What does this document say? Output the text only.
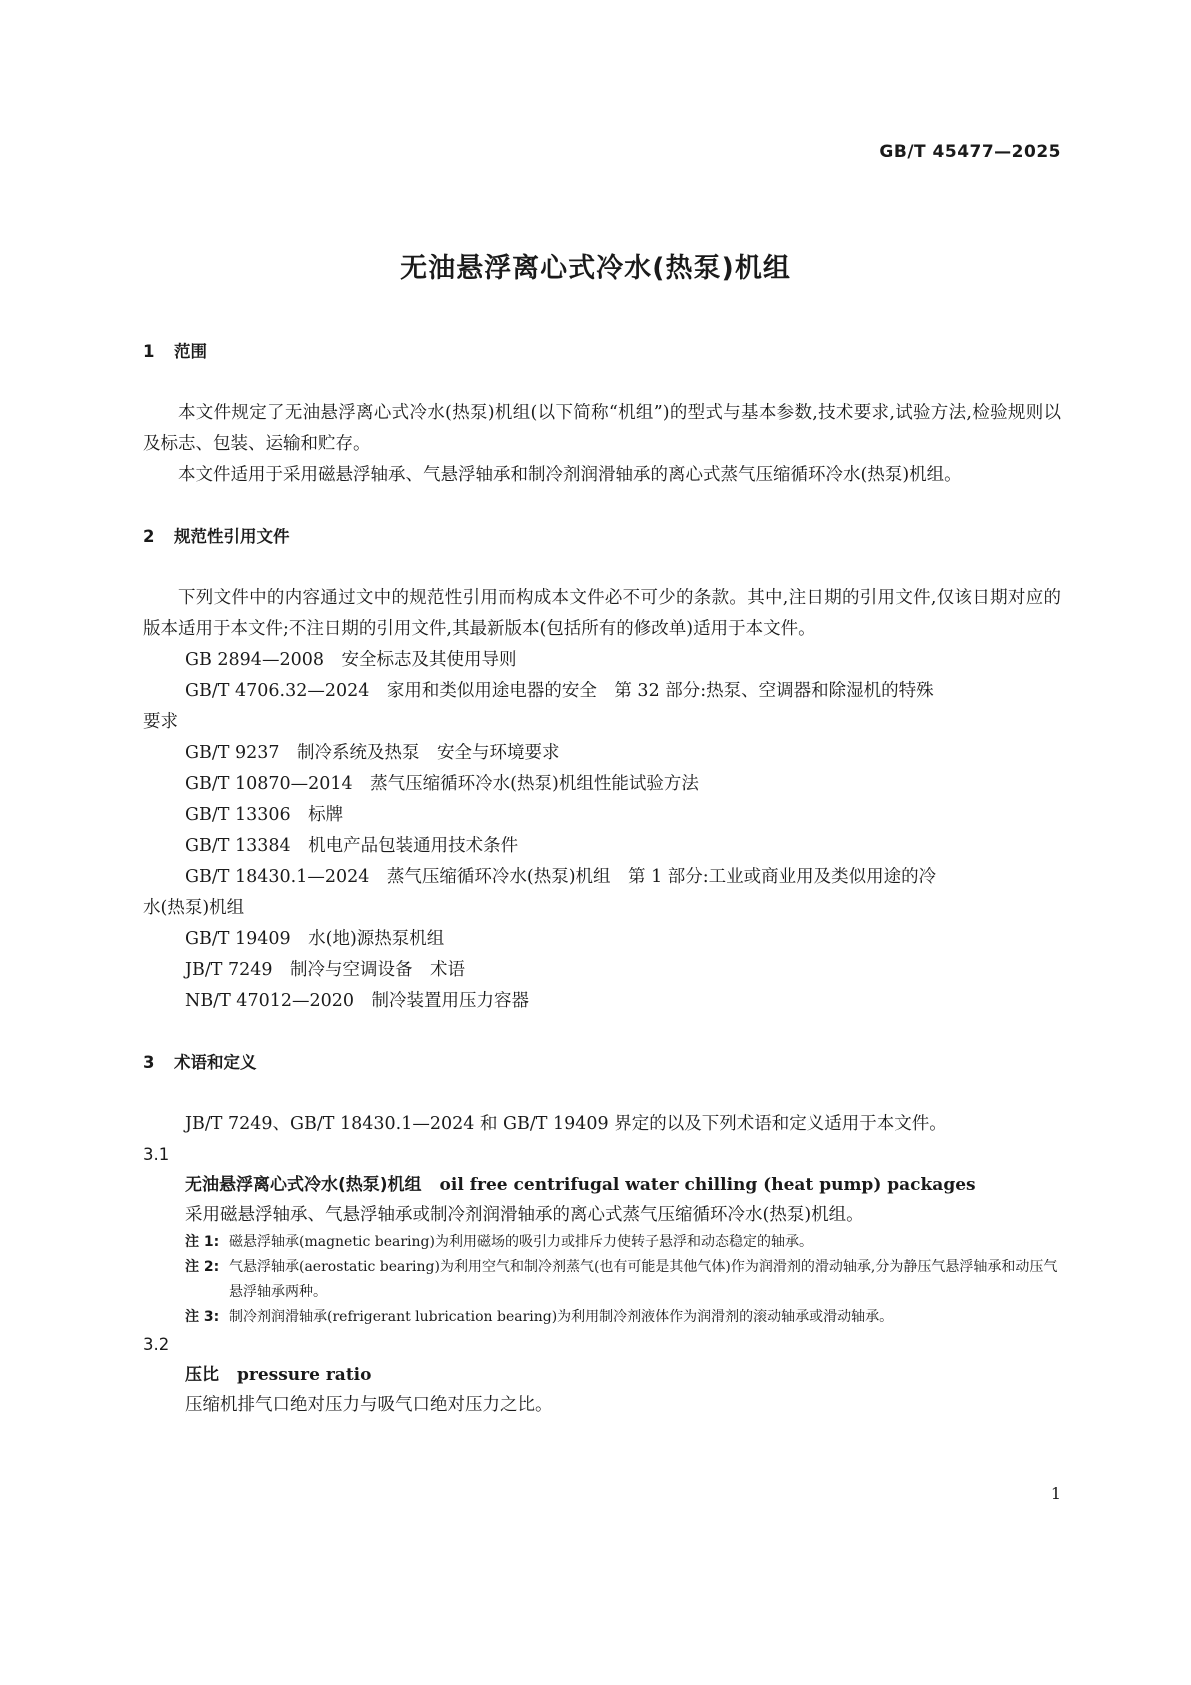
GB/T 45477—2025
无油悬浮离心式冷水(热泵)机组
1 范围

本文件规定了无油悬浮离心式冷水(热泵)机组(以下简称“机组”)的型式与基本参数,技术要求,试验方法,检验规则以及标志、包装、运输和贮存。

本文件适用于采用磁悬浮轴承、气悬浮轴承和制冷剂润滑轴承的离心式蒸气压缩循环冷水(热泵)机组。

2 规范性引用文件

下列文件中的内容通过文中的规范性引用而构成本文件必不可少的条款。其中,注日期的引用文件,仅该日期对应的版本适用于本文件;不注日期的引用文件,其最新版本(包括所有的修改单)适用于本文件。

GB 2894—2008　安全标志及其使用导则

GB/T 4706.32—2024　家用和类似用途电器的安全　第 32 部分:热泵、空调器和除湿机的特殊

要求

GB/T 9237　制冷系统及热泵　安全与环境要求

GB/T 10870—2014　蒸气压缩循环冷水(热泵)机组性能试验方法

GB/T 13306　标牌

GB/T 13384　机电产品包装通用技术条件

GB/T 18430.1—2024　蒸气压缩循环冷水(热泵)机组　第 1 部分:工业或商业用及类似用途的冷

水(热泵)机组

GB/T 19409　水(地)源热泵机组

JB/T 7249　制冷与空调设备　术语

NB/T 47012—2020　制冷装置用压力容器

3 术语和定义

JB/T 7249、GB/T 18430.1—2024 和 GB/T 19409 界定的以及下列术语和定义适用于本文件。

3.1

无油悬浮离心式冷水(热泵)机组 oil free centrifugal water chilling (heat pump) packages

采用磁悬浮轴承、气悬浮轴承或制冷剂润滑轴承的离心式蒸气压缩循环冷水(热泵)机组。

注 1: 磁悬浮轴承(magnetic bearing)为利用磁场的吸引力或排斥力使转子悬浮和动态稳定的轴承。
注 2: 气悬浮轴承(aerostatic bearing)为利用空气和制冷剂蒸气(也有可能是其他气体)作为润滑剂的滑动轴承,分为静压气悬浮轴承和动压气悬浮轴承两种。
注 3: 制冷剂润滑轴承(refrigerant lubrication bearing)为利用制冷剂液体作为润滑剂的滚动轴承或滑动轴承。

3.2

压比 pressure ratio

压缩机排气口绝对压力与吸气口绝对压力之比。

1
